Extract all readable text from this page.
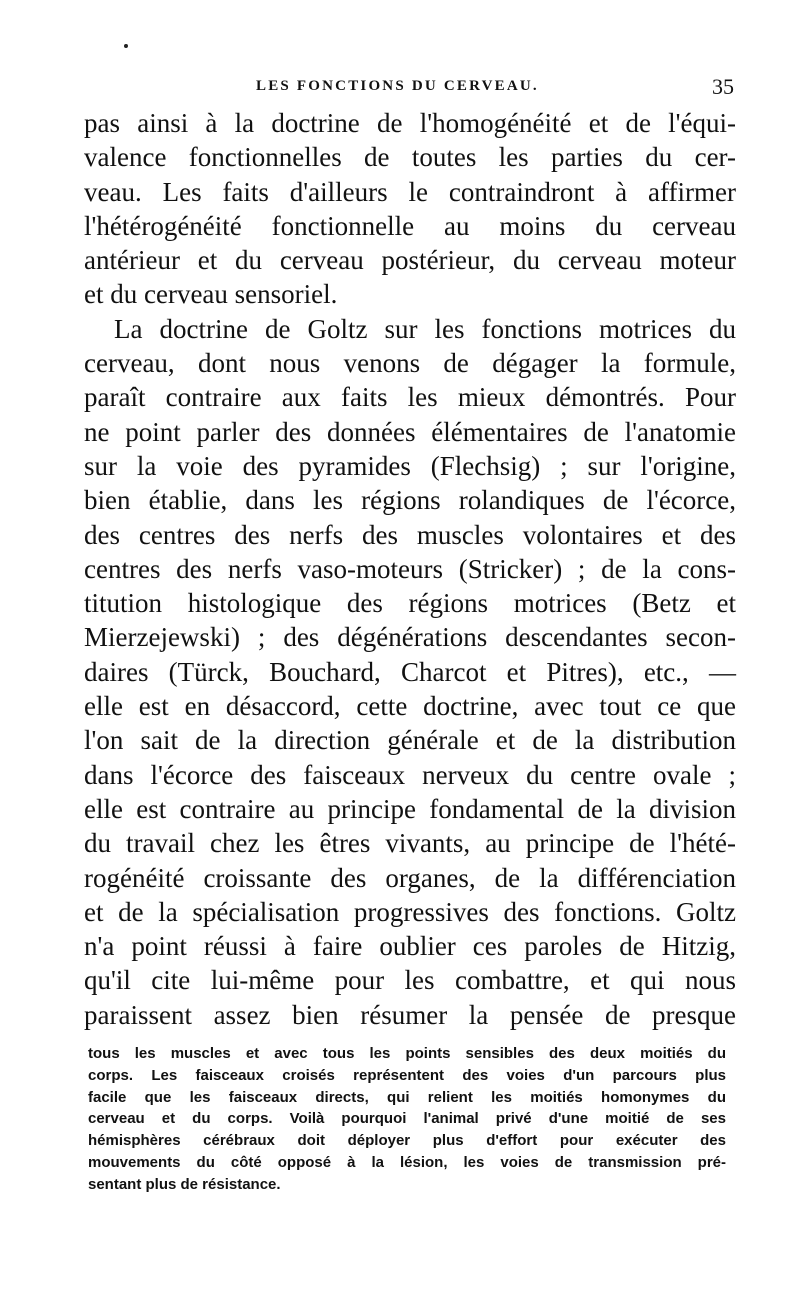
LES FONCTIONS DU CERVEAU.	35
pas ainsi à la doctrine de l'homogénéité et de l'équi-
valence fonctionnelles de toutes les parties du cer-
veau. Les faits d'ailleurs le contraindront à affirmer
l'hétérogénéité fonctionnelle au moins du cerveau
antérieur et du cerveau postérieur, du cerveau moteur
et du cerveau sensoriel.
La doctrine de Goltz sur les fonctions motrices du
cerveau, dont nous venons de dégager la formule,
paraît contraire aux faits les mieux démontrés. Pour
ne point parler des données élémentaires de l'anatomie
sur la voie des pyramides (Flechsig) ; sur l'origine,
bien établie, dans les régions rolandiques de l'écorce,
des centres des nerfs des muscles volontaires et des
centres des nerfs vaso-moteurs (Stricker) ; de la cons-
titution histologique des régions motrices (Betz et
Mierzejewski) ; des dégénérations descendantes secon-
daires (Türck, Bouchard, Charcot et Pitres), etc., —
elle est en désaccord, cette doctrine, avec tout ce que
l'on sait de la direction générale et de la distribution
dans l'écorce des faisceaux nerveux du centre ovale ;
elle est contraire au principe fondamental de la division
du travail chez les êtres vivants, au principe de l'hété-
rogénéité croissante des organes, de la différenciation
et de la spécialisation progressives des fonctions. Goltz
n'a point réussi à faire oublier ces paroles de Hitzig,
qu'il cite lui-même pour les combattre, et qui nous
paraissent assez bien résumer la pensée de presque
tous les muscles et avec tous les points sensibles des deux moitiés du
corps. Les faisceaux croisés représentent des voies d'un parcours plus
facile que les faisceaux directs, qui relient les moitiés homonymes du
cerveau et du corps. Voilà pourquoi l'animal privé d'une moitié de ses
hémisphères cérébraux doit déployer plus d'effort pour exécuter des
mouvements du côté opposé à la lésion, les voies de transmission pré-
sentant plus de résistance.
